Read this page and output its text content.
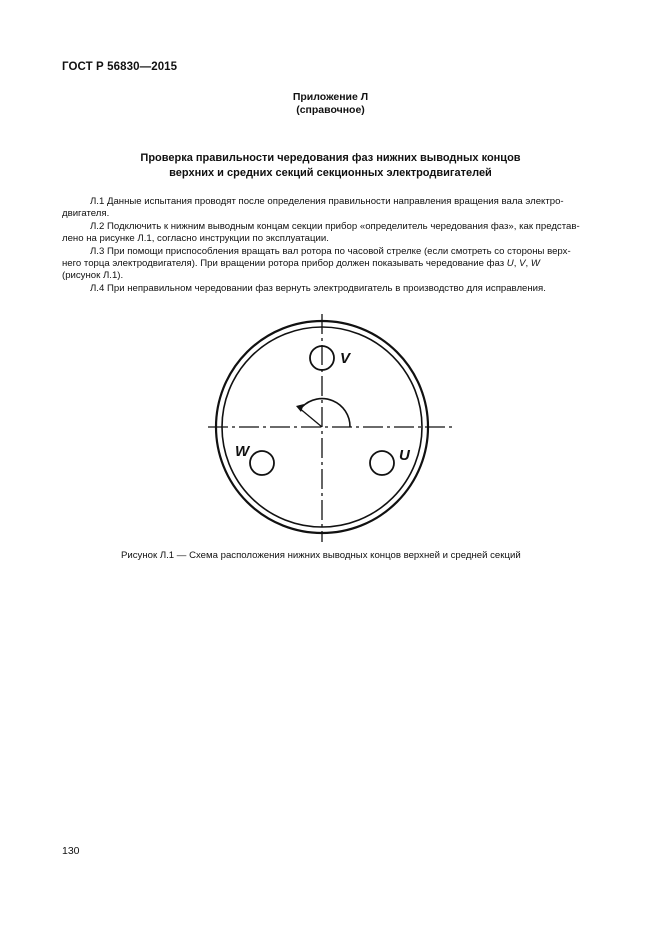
ГОСТ Р 56830—2015
Приложение Л
(справочное)
Проверка правильности чередования фаз нижних выводных концов
верхних и средних секций секционных электродвигателей
Л.1 Данные испытания проводят после определения правильности направления вращения вала электро-
двигателя.
Л.2 Подключить к нижним выводным концам секции прибор «определитель чередования фаз», как представ-
лено на рисунке Л.1, согласно инструкции по эксплуатации.
Л.3 При помощи приспособления вращать вал ротора по часовой стрелке (если смотреть со стороны верх-
него торца электродвигателя). При вращении ротора прибор должен показывать чередование фаз U, V, W
(рисунок Л.1).
Л.4 При неправильном чередовании фаз вернуть электродвигатель в производство для исправления.
V
W	U
Рисунок Л.1 — Схема расположения нижних выводных концов верхней и средней секций
130
